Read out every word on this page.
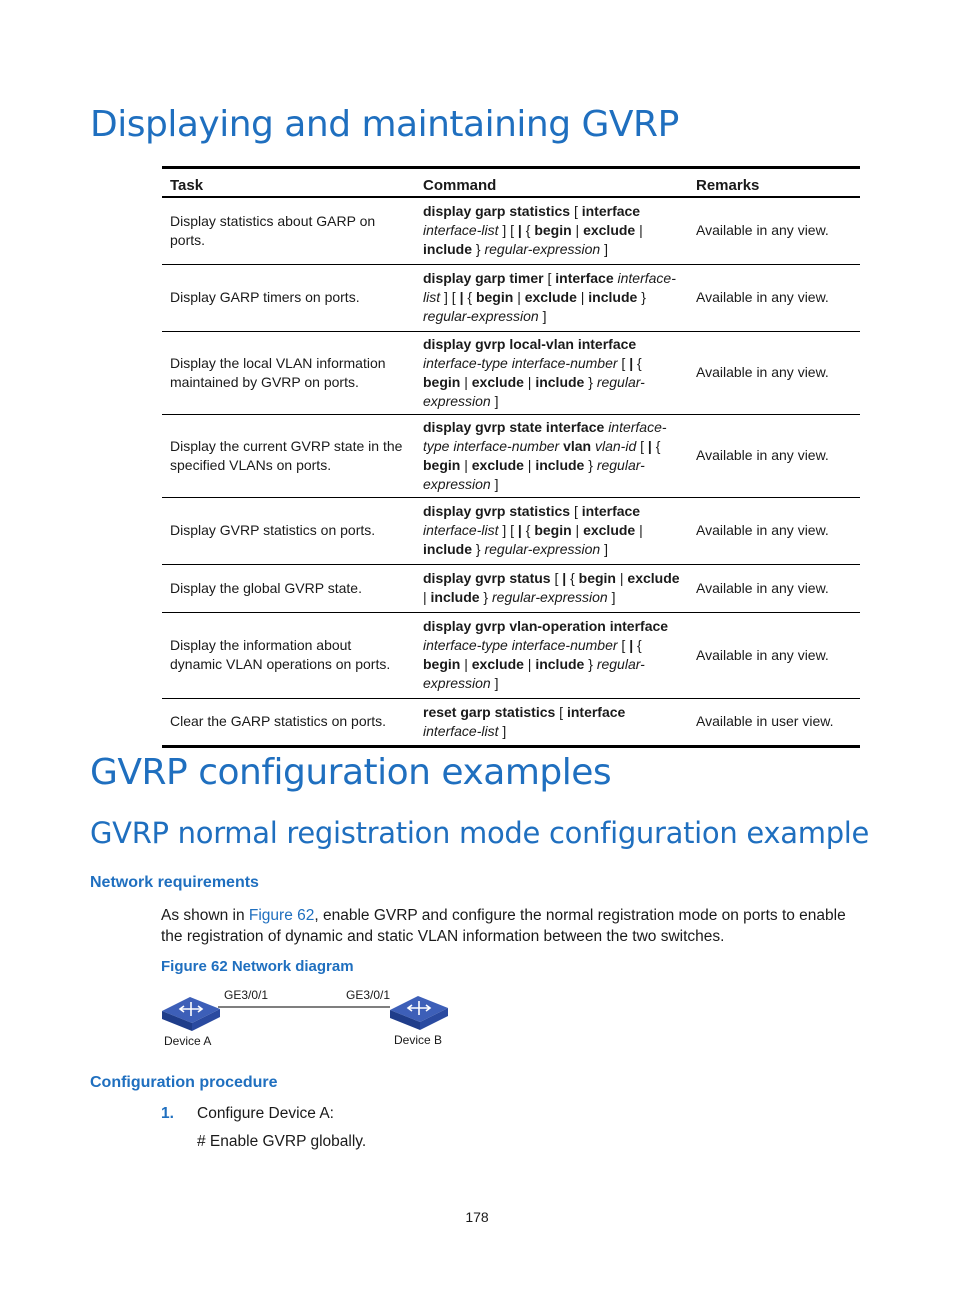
Displaying and maintaining GVRP
Task	Command	Remarks
Display statistics about GARP on ports.	display garp statistics [ interface interface-list ] [ | { begin | exclude | include } regular-expression ]	Available in any view.
Display GARP timers on ports.	display garp timer [ interface interface-list ] [ | { begin | exclude | include } regular-expression ]	Available in any view.
Display the local VLAN information maintained by GVRP on ports.	display gvrp local-vlan interface interface-type interface-number [ | { begin | exclude | include } regular-expression ]	Available in any view.
Display the current GVRP state in the specified VLANs on ports.	display gvrp state interface interface-type interface-number vlan vlan-id [ | { begin | exclude | include } regular-expression ]	Available in any view.
Display GVRP statistics on ports.	display gvrp statistics [ interface interface-list ] [ | { begin | exclude | include } regular-expression ]	Available in any view.
Display the global GVRP state.	display gvrp status [ | { begin | exclude | include } regular-expression ]	Available in any view.
Display the information about dynamic VLAN operations on ports.	display gvrp vlan-operation interface interface-type interface-number [ | { begin | exclude | include } regular-expression ]	Available in any view.
Clear the GARP statistics on ports.	reset garp statistics [ interface interface-list ]	Available in user view.
GVRP configuration examples
GVRP normal registration mode configuration example
Network requirements

As shown in Figure 62, enable GVRP and configure the normal registration mode on ports to enable the registration of dynamic and static VLAN information between the two switches.

Figure 62 Network diagram
GE3/0/1	GE3/0/1
Device A	Device B
Configuration procedure
1. Configure Device A:
# Enable GVRP globally.
178
